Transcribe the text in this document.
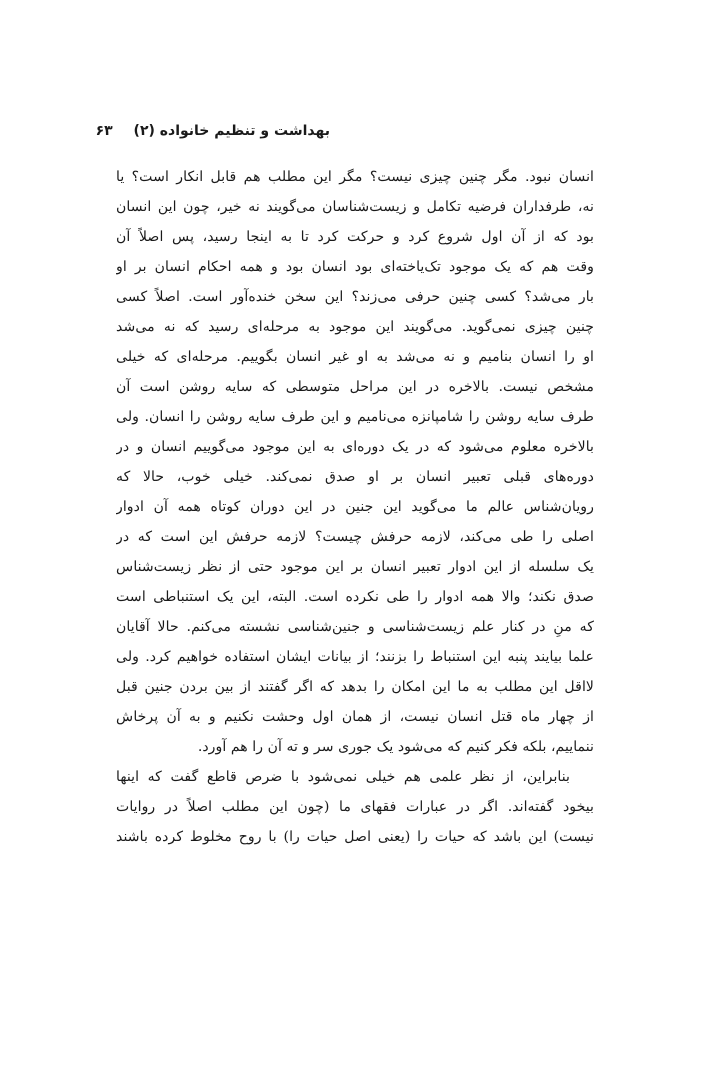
بهداشت و تنظیم خانواده (۲) ۶۳
انسان نبود. مگر چنین چیزی نیست؟ مگر این مطلب هم قابل انکار است؟ یا
نه، طرفداران فرضیه تکامل و زیست‌شناسان می‌گویند نه خیر، چون این انسان
بود که از آن اول شروع کرد و حرکت کرد تا به اینجا رسید، پس اصلاً آن
وقت هم که یک موجود تک‌یاخته‌ای بود انسان بود و همه احکام انسان بر او
بار می‌شد؟ کسی چنین حرفی می‌زند؟ این سخن خنده‌آور است. اصلاً کسی
چنین چیزی نمی‌گوید. می‌گویند این موجود به مرحله‌ای رسید که نه می‌شد
او را انسان بنامیم و نه می‌شد به او غیر انسان بگوییم. مرحله‌ای که خیلی
مشخص نیست. بالاخره در این مراحل متوسطی که سایه روشن است آن
طرف سایه روشن را شامپانزه می‌نامیم و این طرف سایه روشن را انسان. ولی
بالاخره معلوم می‌شود که در یک دوره‌ای به این موجود می‌گوییم انسان و در
دوره‌های قبلی تعبیر انسان بر او صدق نمی‌کند. خیلی خوب، حالا که
رویان‌شناس عالم ما می‌گوید این جنین در این دوران کوتاه همه آن ادوار
اصلی را طی می‌کند، لازمه حرفش چیست؟ لازمه حرفش این است که در
یک سلسله از این ادوار تعبیر انسان بر این موجود حتی از نظر زیست‌شناس
صدق نکند؛ والا همه ادوار را طی نکرده است. البته، این یک استنباطی است
که منِ در کنار علم زیست‌شناسی و جنین‌شناسی نشسته می‌کنم. حالا آقایان
علما بیایند پنبه این استنباط را بزنند؛ از بیانات ایشان استفاده خواهیم کرد. ولی
لااقل این مطلب به ما این امکان را بدهد که اگر گفتند از بین بردن جنین قبل
از چهار ماه قتل انسان نیست، از همان اول وحشت نکنیم و به آن پرخاش
ننماییم، بلکه فکر کنیم که می‌شود یک جوری سر و ته آن را هم آورد.
بنابراین، از نظر علمی هم خیلی نمی‌شود با ضرص قاطع گفت که اینها
بیخود گفته‌اند. اگر در عبارات فقهای ما (چون این مطلب اصلاً در روایات
نیست) این باشد که حیات را (یعنی اصل حیات را) با روح مخلوط کرده باشند
